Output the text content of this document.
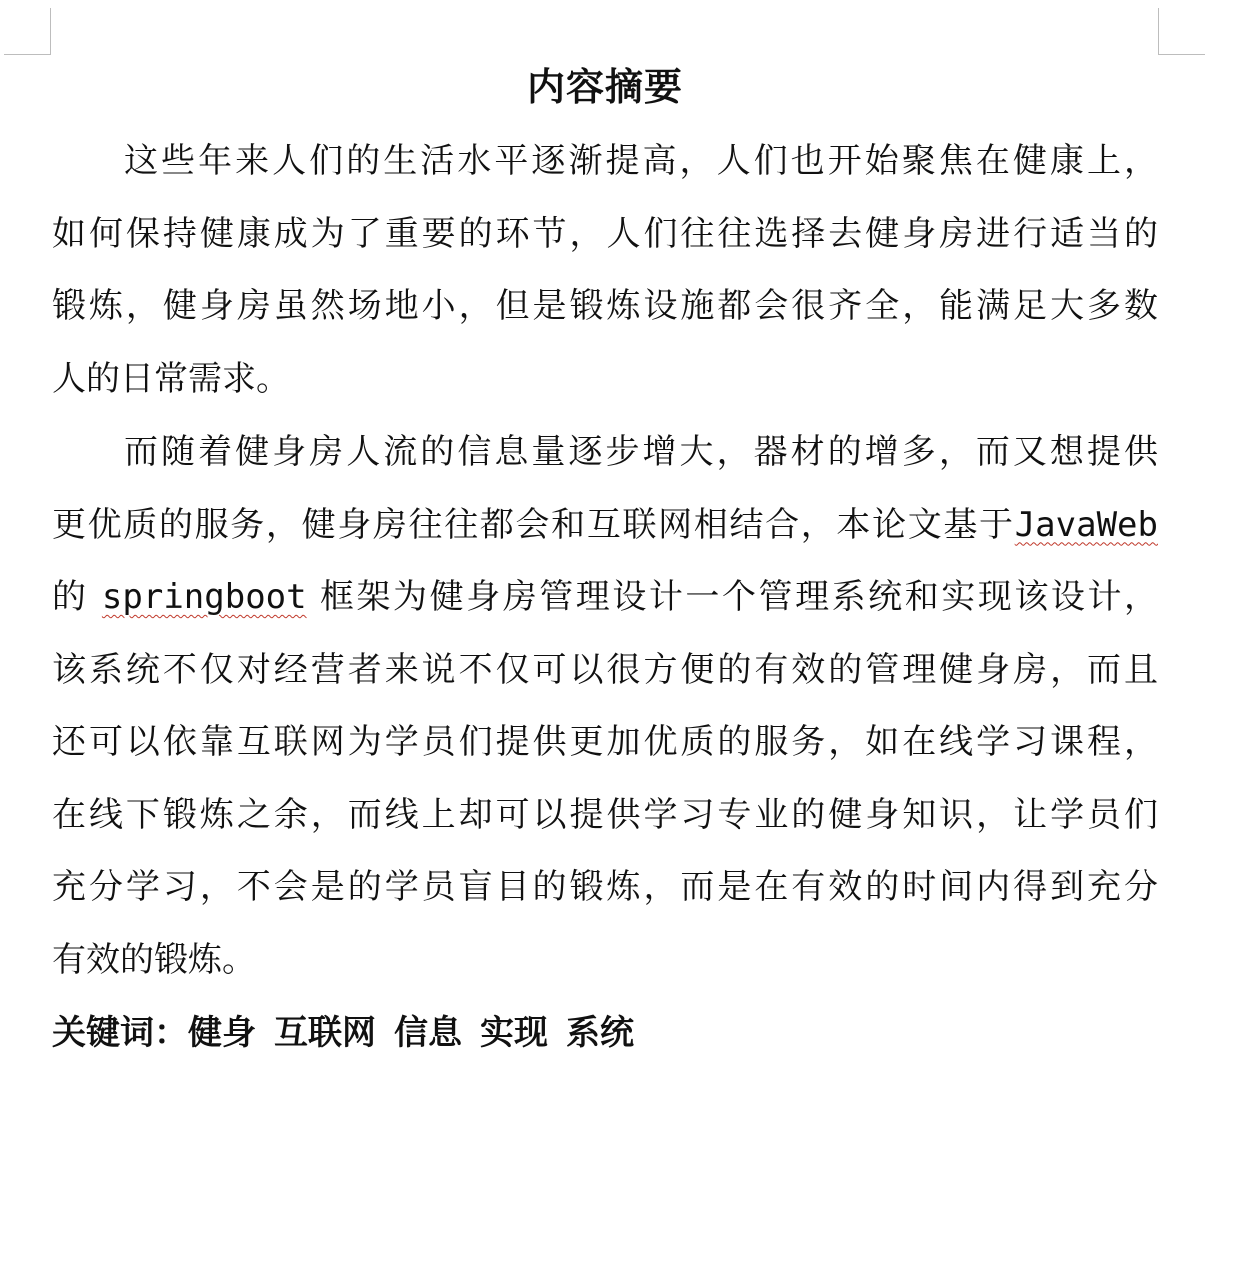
内容摘要
这些年来人们的生活水平逐渐提高，人们也开始聚焦在健康上，
如何保持健康成为了重要的环节，人们往往选择去健身房进行适当的
锻炼，健身房虽然场地小，但是锻炼设施都会很齐全，能满足大多数
人的日常需求。
而随着健身房人流的信息量逐步增大，器材的增多，而又想提供
更优质的服务，健身房往往都会和互联网相结合，本论文基于JavaWeb
的 springboot 框架为健身房管理设计一个管理系统和实现该设计，
该系统不仅对经营者来说不仅可以很方便的有效的管理健身房，而且
还可以依靠互联网为学员们提供更加优质的服务，如在线学习课程，
在线下锻炼之余，而线上却可以提供学习专业的健身知识，让学员们
充分学习，不会是的学员盲目的锻炼，而是在有效的时间内得到充分
有效的锻炼。
关键词：健身 互联网 信息 实现 系统
